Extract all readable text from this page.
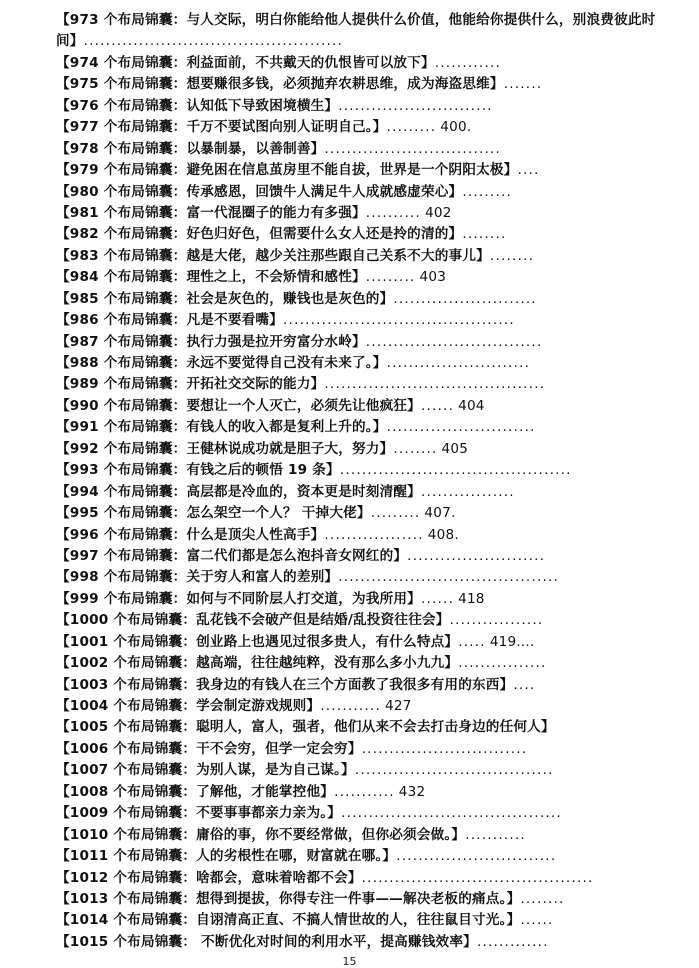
【973 个布局锦囊：与人交际，明白你能给他人提供什么价值，他能给你提供什么，别浪费彼此时间】...............................................
【974 个布局锦囊：利益面前，不共戴天的仇恨皆可以放下】............
【975 个布局锦囊：想要赚很多钱，必须抛弃农耕思维，成为海盗思维】.......
【976 个布局锦囊：认知低下导致困境横生】............................
【977 个布局锦囊：千万不要试图向别人证明自己。】......... 400.
【978 个布局锦囊：以暴制暴，以善制善】................................
【979 个布局锦囊：避免困在信息茧房里不能自拔，世界是一个阴阳太极】....
【980 个布局锦囊：传承感恩，回馈牛人满足牛人成就感虚荣心】.........
【981 个布局锦囊：富一代混圈子的能力有多强】.......... 402
【982 个布局锦囊：好色归好色，但需要什么女人还是拎的清的】........
【983 个布局锦囊：越是大佬，越少关注那些跟自己关系不大的事儿】........
【984 个布局锦囊：理性之上，不会矫情和感性】......... 403
【985 个布局锦囊：社会是灰色的，赚钱也是灰色的】..........................
【986 个布局锦囊：凡是不要看嘴】..........................................
【987 个布局锦囊：执行力强是拉开穷富分水岭】................................
【988 个布局锦囊：永远不要觉得自己没有未来了。】..........................
【989 个布局锦囊：开拓社交交际的能力】........................................
【990 个布局锦囊：要想让一个人灭亡，必须先让他疯狂】...... 404
【991 个布局锦囊：有钱人的收入都是复利上升的。】...........................
【992 个布局锦囊：王健林说成功就是胆子大，努力】........ 405
【993 个布局锦囊：有钱之后的顿悟 19 条】..........................................
【994 个布局锦囊：高层都是冷血的，资本更是时刻清醒】.................
【995 个布局锦囊：怎么架空一个人？ 干掉大佬】......... 407.
【996 个布局锦囊：什么是顶尖人性高手】.................. 408.
【997 个布局锦囊：富二代们都是怎么泡抖音女网红的】.........................
【998 个布局锦囊：关于穷人和富人的差别】........................................
【999 个布局锦囊：如何与不同阶层人打交道，为我所用】...... 418
【1000 个布局锦囊：乱花钱不会破产但是结婚/乱投资往往会】.................
【1001 个布局锦囊：创业路上也遇见过很多贵人，有什么特点】..... 419....
【1002 个布局锦囊：越高端，往往越纯粹，没有那么多小九九】................
【1003 个布局锦囊：我身边的有钱人在三个方面教了我很多有用的东西】....
【1004 个布局锦囊：学会制定游戏规则】........... 427
【1005 个布局锦囊：聪明人，富人，强者，他们从来不会去打击身边的任何人】
【1006 个布局锦囊：干不会穷，但学一定会穷】..............................
【1007 个布局锦囊：为别人谋，是为自己谋。】....................................
【1008 个布局锦囊：了解他，才能掌控他】........... 432
【1009 个布局锦囊：不要事事都亲力亲为。】........................................
【1010 个布局锦囊：庸俗的事，你不要经常做，但你必须会做。】...........
【1011 个布局锦囊：人的劣根性在哪，财富就在哪。】.............................
【1012 个布局锦囊：啥都会，意味着啥都不会】..........................................
【1013 个布局锦囊：想得到提拔，你得专注一件事——解决老板的痛点。】........
【1014 个布局锦囊：自诩清高正直、不搞人情世故的人，往往鼠目寸光。】......
【1015 个布局锦囊： 不断优化对时间的利用水平，提高赚钱效率】.............
15
